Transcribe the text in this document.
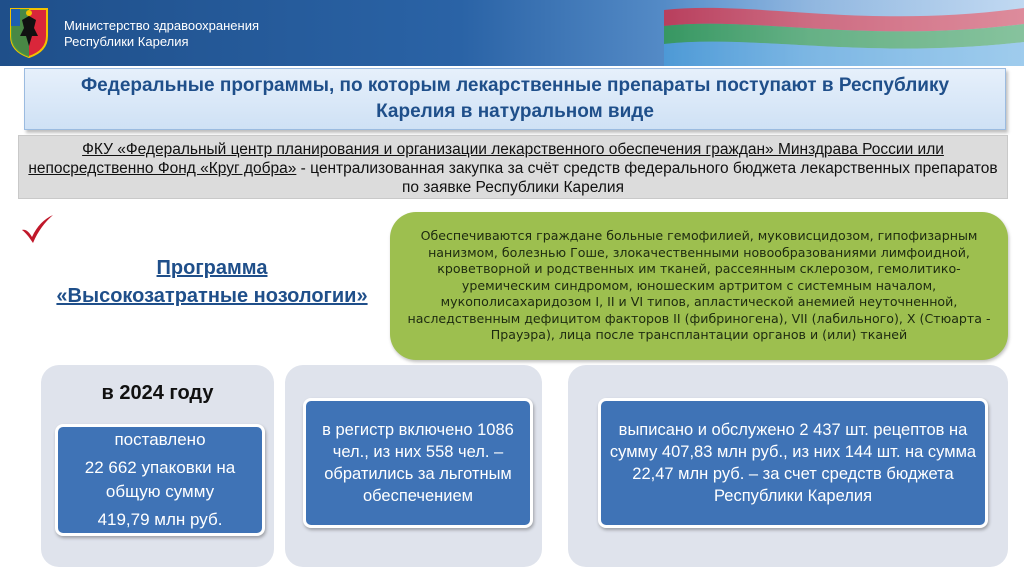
Министерство здравоохранения
Республики Карелия
Федеральные программы, по которым лекарственные препараты поступают в Республику Карелия в натуральном виде
ФКУ «Федеральный центр планирования и организации лекарственного обеспечения граждан» Минздрава России или непосредственно Фонд «Круг добра» - централизованная закупка за счёт средств федерального бюджета лекарственных препаратов по заявке Республики Карелия
Программа
«Высокозатратные нозологии»
Обеспечиваются граждане больные гемофилией, муковисцидозом, гипофизарным нанизмом, болезнью Гоше, злокачественными новообразованиями лимфоидной, кроветворной и родственных им тканей, рассеянным склерозом, гемолитико-уремическим синдромом, юношеским артритом с системным началом, мукополисахаридозом I, II и VI типов, апластической анемией неуточненной, наследственным дефицитом факторов II (фибриногена), VII (лабильного), X (Стюарта - Прауэра), лица после трансплантации органов и (или) тканей
в 2024 году
поставлено
22 662 упаковки на общую сумму
419,79 млн руб.
в регистр включено 1086 чел., из них 558 чел. – обратились за льготным обеспечением
выписано и обслужено 2 437 шт. рецептов на сумму 407,83 млн руб., из них 144 шт. на сумма 22,47 млн руб. – за счет средств бюджета Республики Карелия
